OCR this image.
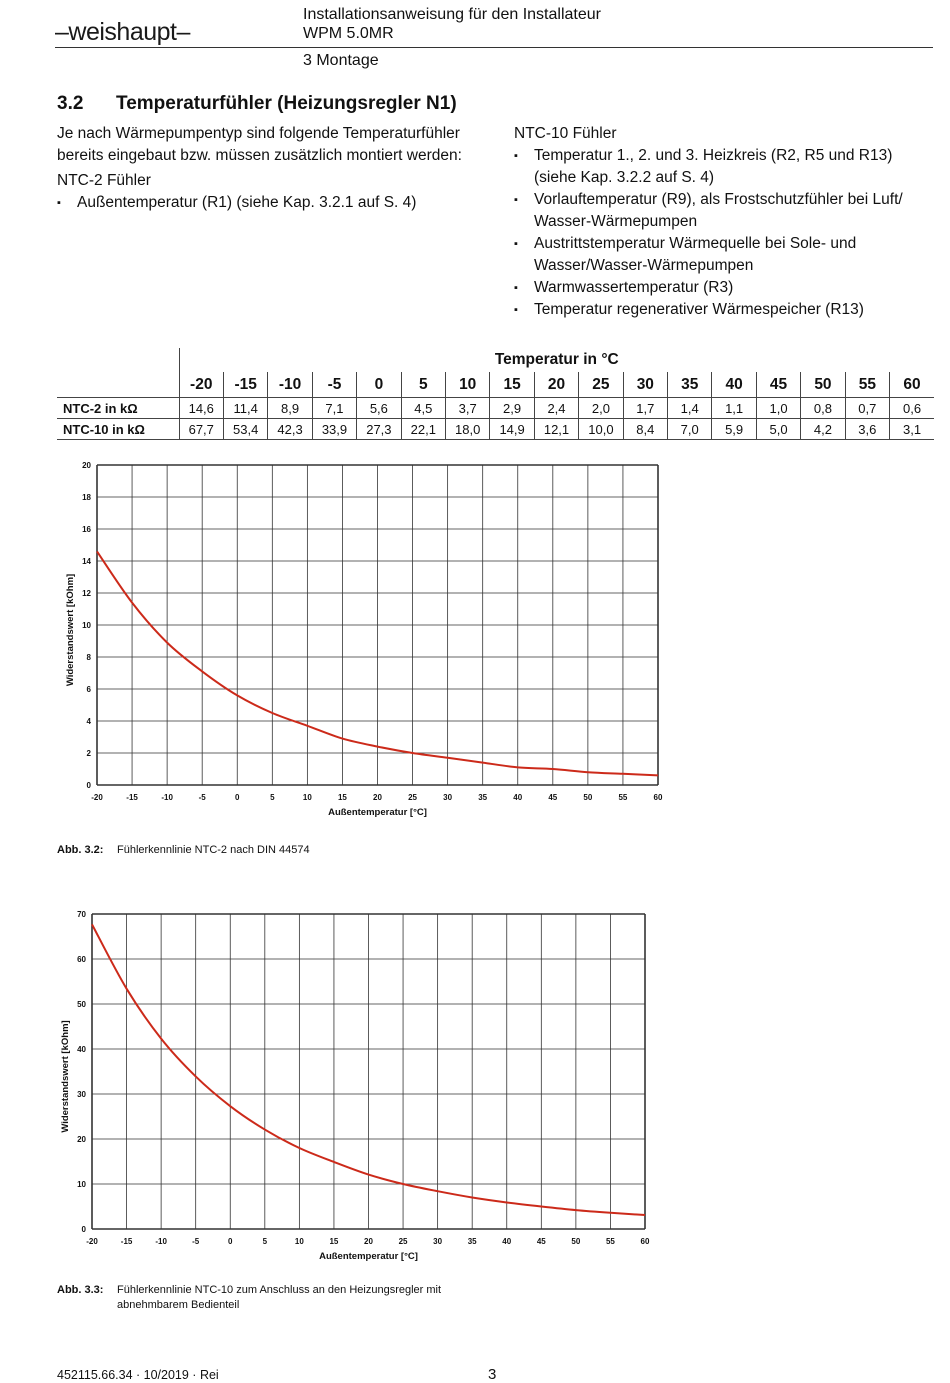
–weishaupt–
Installationsanweisung für den Installateur
WPM 5.0MR
3 Montage
3.2 Temperaturfühler (Heizungsregler N1)

Je nach Wärmepumpentyp sind folgende Temperaturfühler bereits eingebaut bzw. müssen zusätzlich montiert werden:

NTC-2 Fühler

▪ Außentemperatur (R1) (siehe Kap. 3.2.1 auf S. 4)

NTC-10 Fühler

▪ Temperatur 1., 2. und 3. Heizkreis (R2, R5 und R13) (siehe Kap. 3.2.2 auf S. 4)
▪ Vorlauftemperatur (R9), als Frostschutzfühler bei Luft/ Wasser-Wärmepumpen
▪ Austrittstemperatur Wärmequelle bei Sole- und Wasser/Wasser-Wärmepumpen
▪ Warmwassertemperatur (R3)
▪ Temperatur regenerativer Wärmespeicher (R13)
	Temperatur in °C																
	-20	-15	-10	-5	0	5	10	15	20	25	30	35	40	45	50	55	60
NTC-2 in kΩ	14,6	11,4	8,9	7,1	5,6	4,5	3,7	2,9	2,4	2,0	1,7	1,4	1,1	1,0	0,8	0,7	0,6
NTC-10 in kΩ	67,7	53,4	42,3	33,9	27,3	22,1	18,0	14,9	12,1	10,0	8,4	7,0	5,9	5,0	4,2	3,6	3,1
-20	-15	-10	-5	0	5	10	15	20	25	30	35	40	45	50	55	60
0
2
4
6
8
10
12
14
16
18
20
Außentemperatur [°C]
Widerstandswert [kOhm]
Abb. 3.2: Fühlerkennlinie NTC-2 nach DIN 44574
-20	-15	-10	-5	0	5	10	15	20	25	30	35	40	45	50	55	60
0
10
20
30
40
50
60
70
Außentemperatur [°C]
Widerstandswert [kOhm]
Abb. 3.3:	Fühlerkennlinie NTC-10 zum Anschluss an den Heizungsregler mit abnehmbarem Bedienteil
452115.66.34 · 10/2019 · Rei	3
